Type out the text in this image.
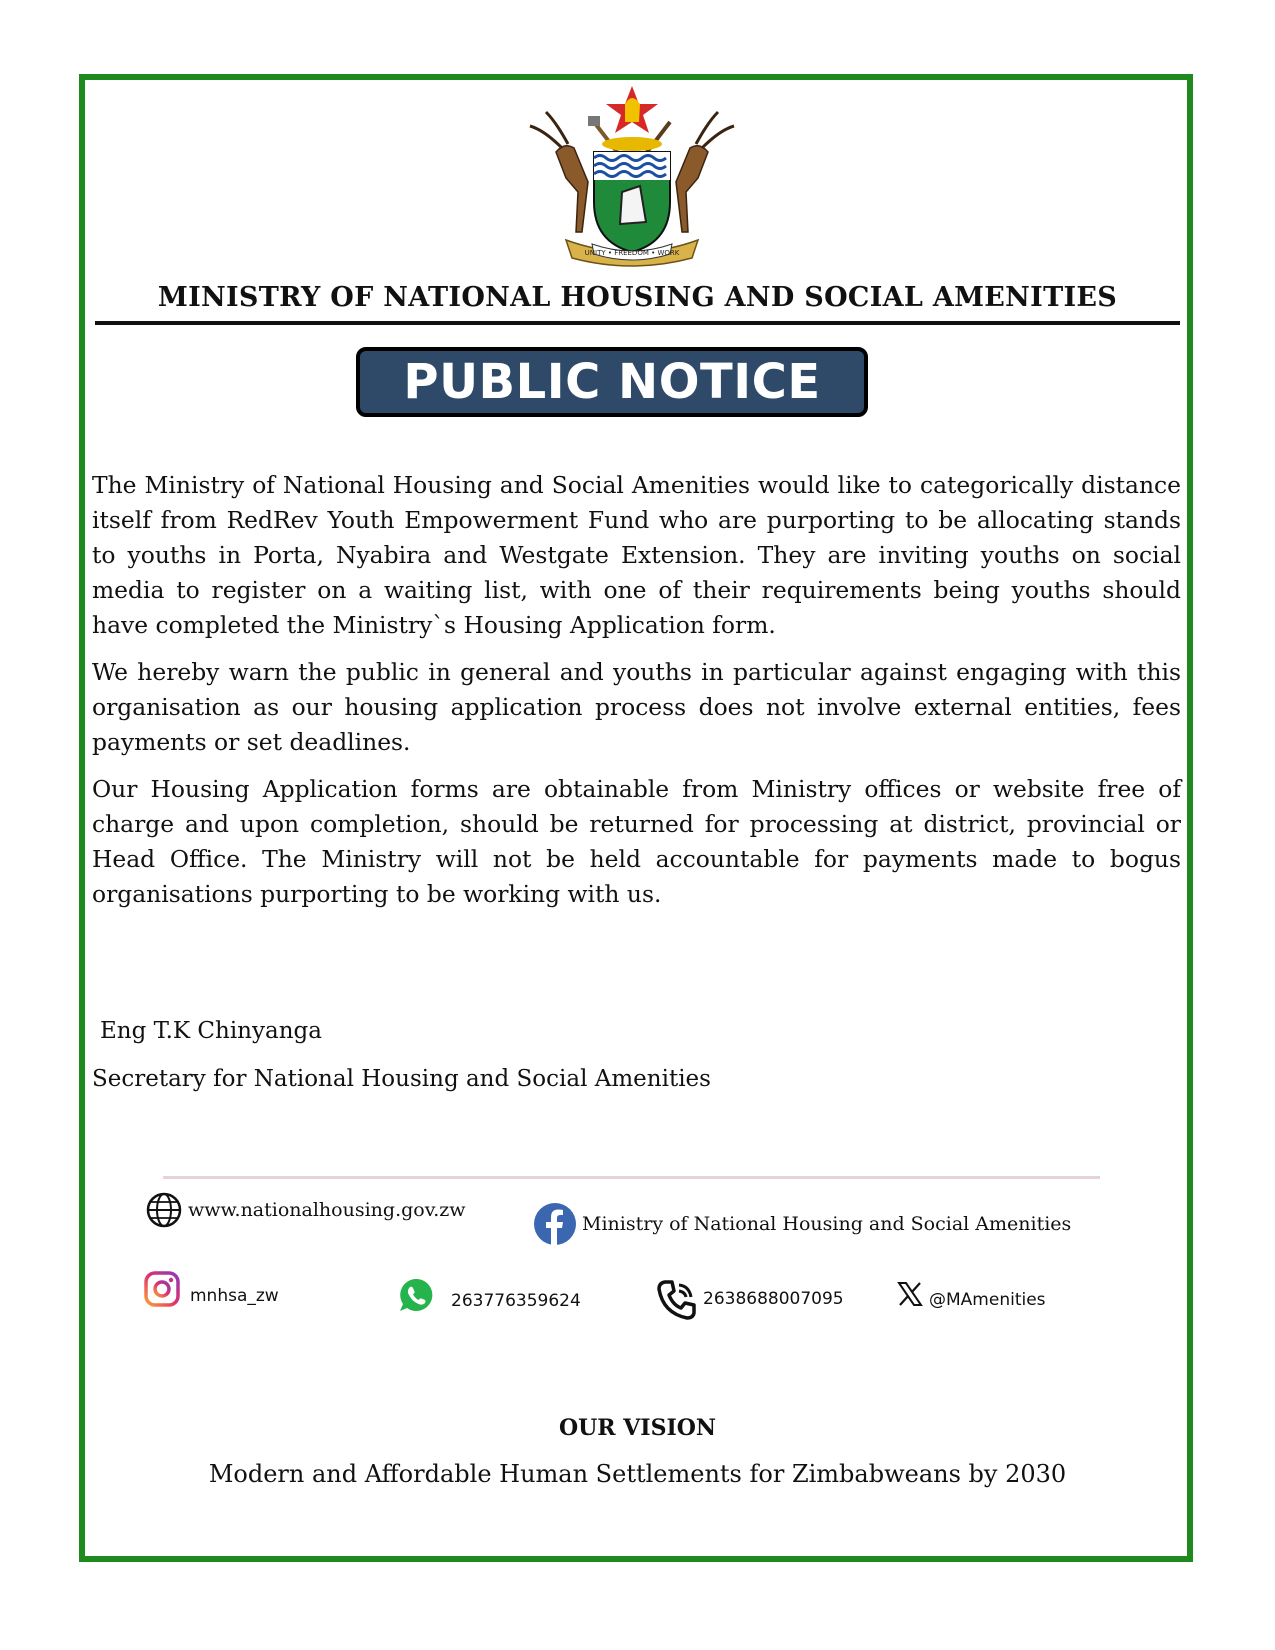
UNITY • FREEDOM • WORK
MINISTRY OF NATIONAL HOUSING AND SOCIAL AMENITIES
PUBLIC NOTICE

The Ministry of National Housing and Social Amenities would like to categorically distance itself from RedRev Youth Empowerment Fund who are purporting to be allocating stands to youths in Porta, Nyabira and Westgate Extension. They are inviting youths on social media to register on a waiting list, with one of their requirements being youths should have completed the Ministry`s Housing Application form.

We hereby warn the public in general and youths in particular against engaging with this organisation as our housing application process does not involve external entities, fees payments or set deadlines.

Our Housing Application forms are obtainable from Ministry offices or website free of charge and upon completion, should be returned for processing at district, provincial or Head Office. The Ministry will not be held accountable for payments made to bogus organisations purporting to be working with us.

Eng T.K Chinyanga
Secretary for National Housing and Social Amenities
www.nationalhousing.gov.zw
Ministry of National Housing and Social Amenities
mnhsa_zw	263776359624	2638688007095	@MAmenities
OUR VISION
Modern and Affordable Human Settlements for Zimbabweans by 2030
